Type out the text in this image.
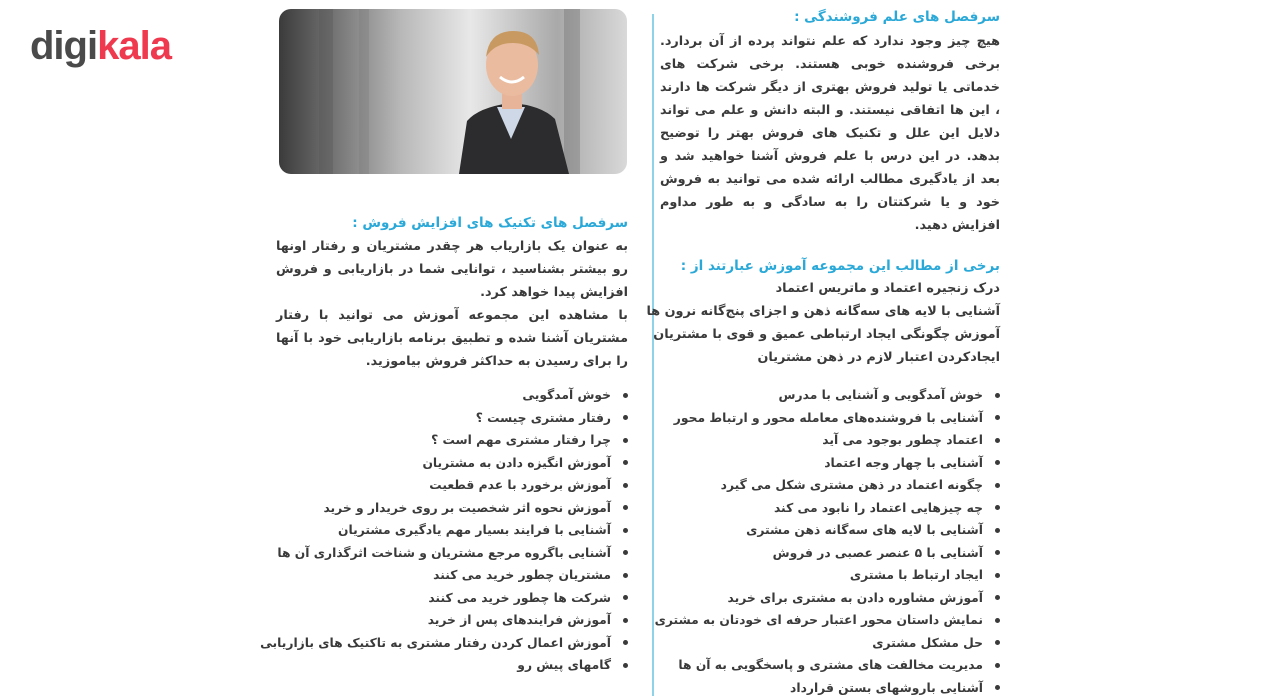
digikala
سرفصل های علم فروشندگی :

هیچ چیز وجود ندارد که علم نتواند پرده از آن بردارد. برخی فروشنده خوبی هستند. برخی شرکت های خدماتی یا تولید فروش بهتری از دیگر شرکت ها دارند ، این ها اتفاقی نیستند. و البته دانش و علم می تواند دلایل این علل و تکنیک های فروش بهتر را توضیح بدهد. در این درس با علم فروش آشنا خواهید شد و بعد از یادگیری مطالب ارائه شده می توانید به فروش خود و یا شرکتتان را به سادگی و به طور مداوم افزایش دهید.

برخی از مطالب این مجموعه آموزش عبارتند از :
درک زنجیره اعتماد و ماتریس اعتماد
آشنایی با لایه های سه‌گانه ذهن و اجزای پنج‌گانه نرون ها
آموزش چگونگی ایجاد ارتباطی عمیق و قوی با مشتریان
ایجادکردن اعتبار لازم در ذهن مشتریان
خوش آمدگویی و آشنایی با مدرس
آشنایی با فروشنده‌های معامله محور و ارتباط محور
اعتماد چطور بوجود می آید
آشنایی با چهار وجه اعتماد
چگونه اعتماد در ذهن مشتری شکل می گیرد
چه چیزهایی اعتماد را نابود می کند
آشنایی با لایه های سه‌گانه ذهن مشتری
آشنایی با ۵ عنصر عصبی در فروش
ایجاد ارتباط با مشتری
آموزش مشاوره دادن به مشتری برای خرید
نمایش داستان محور اعتبار حرفه ای خودتان به مشتری
حل مشکل مشتری
مدیریت مخالفت های مشتری و پاسخگویی به آن ها
آشنایی باروشهای بستن قرارداد
سرفصل های تکنیک های افزایش فروش :

به عنوان یک بازاریاب هر چقدر مشتریان و رفتار اونها رو بیشتر بشناسید ، توانایی شما در بازاریابی و فروش افزایش پیدا خواهد کرد.

با مشاهده این مجموعه آموزش می توانید با رفتار مشتریان آشنا شده و تطبیق برنامه بازاریابی خود با آنها را برای رسیدن به حداکثر فروش بیاموزید.

خوش آمدگویی
رفتار مشتری چیست ؟
چرا رفتار مشتری مهم است ؟
آموزش انگیزه دادن به مشتریان
آموزش برخورد با عدم قطعیت
آموزش نحوه اثر شخصیت بر روی خریدار و خرید
آشنایی با فرایند بسیار مهم یادگیری مشتریان
آشنایی باگروه مرجع مشتریان و شناخت اثرگذاری آن ها
مشتریان چطور خرید می کنند
شرکت ها چطور خرید می کنند
آموزش فرایندهای پس از خرید
آموزش اعمال کردن رفتار مشتری به تاکتیک های بازاریابی
گامهای پیش رو
